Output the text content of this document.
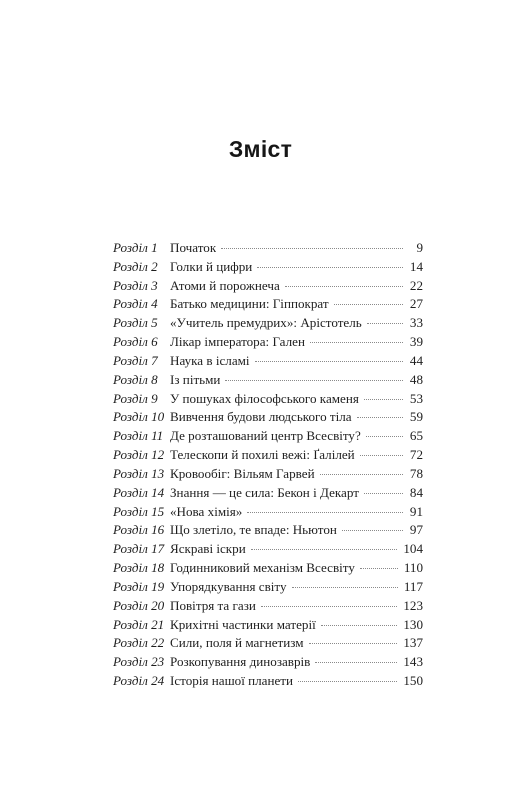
Зміст
Розділ 1 Початок	9
Розділ 2 Голки й цифри	14
Розділ 3 Атоми й порожнеча	22
Розділ 4 Батько медицини: Гіппократ	27
Розділ 5 «Учитель премудрих»: Арістотель	33
Розділ 6 Лікар імператора: Гален	39
Розділ 7 Наука в ісламі	44
Розділ 8 Із пітьми	48
Розділ 9 У пошуках філософського каменя	53
Розділ 10 Вивчення будови людського тіла	59
Розділ 11 Де розташований центр Всесвіту?	65
Розділ 12 Телескопи й похилі вежі: Ґалілей	72
Розділ 13 Кровообіг: Вільям Гарвей	78
Розділ 14 Знання — це сила: Бекон і Декарт	84
Розділ 15 «Нова хімія»	91
Розділ 16 Що злетіло, те впаде: Ньютон	97
Розділ 17 Яскраві іскри	104
Розділ 18 Годинниковий механізм Всесвіту	110
Розділ 19 Упорядкування світу	117
Розділ 20 Повітря та гази	123
Розділ 21 Крихітні частинки матерії	130
Розділ 22 Сили, поля й магнетизм	137
Розділ 23 Розкопування динозаврів	143
Розділ 24 Історія нашої планети	150
